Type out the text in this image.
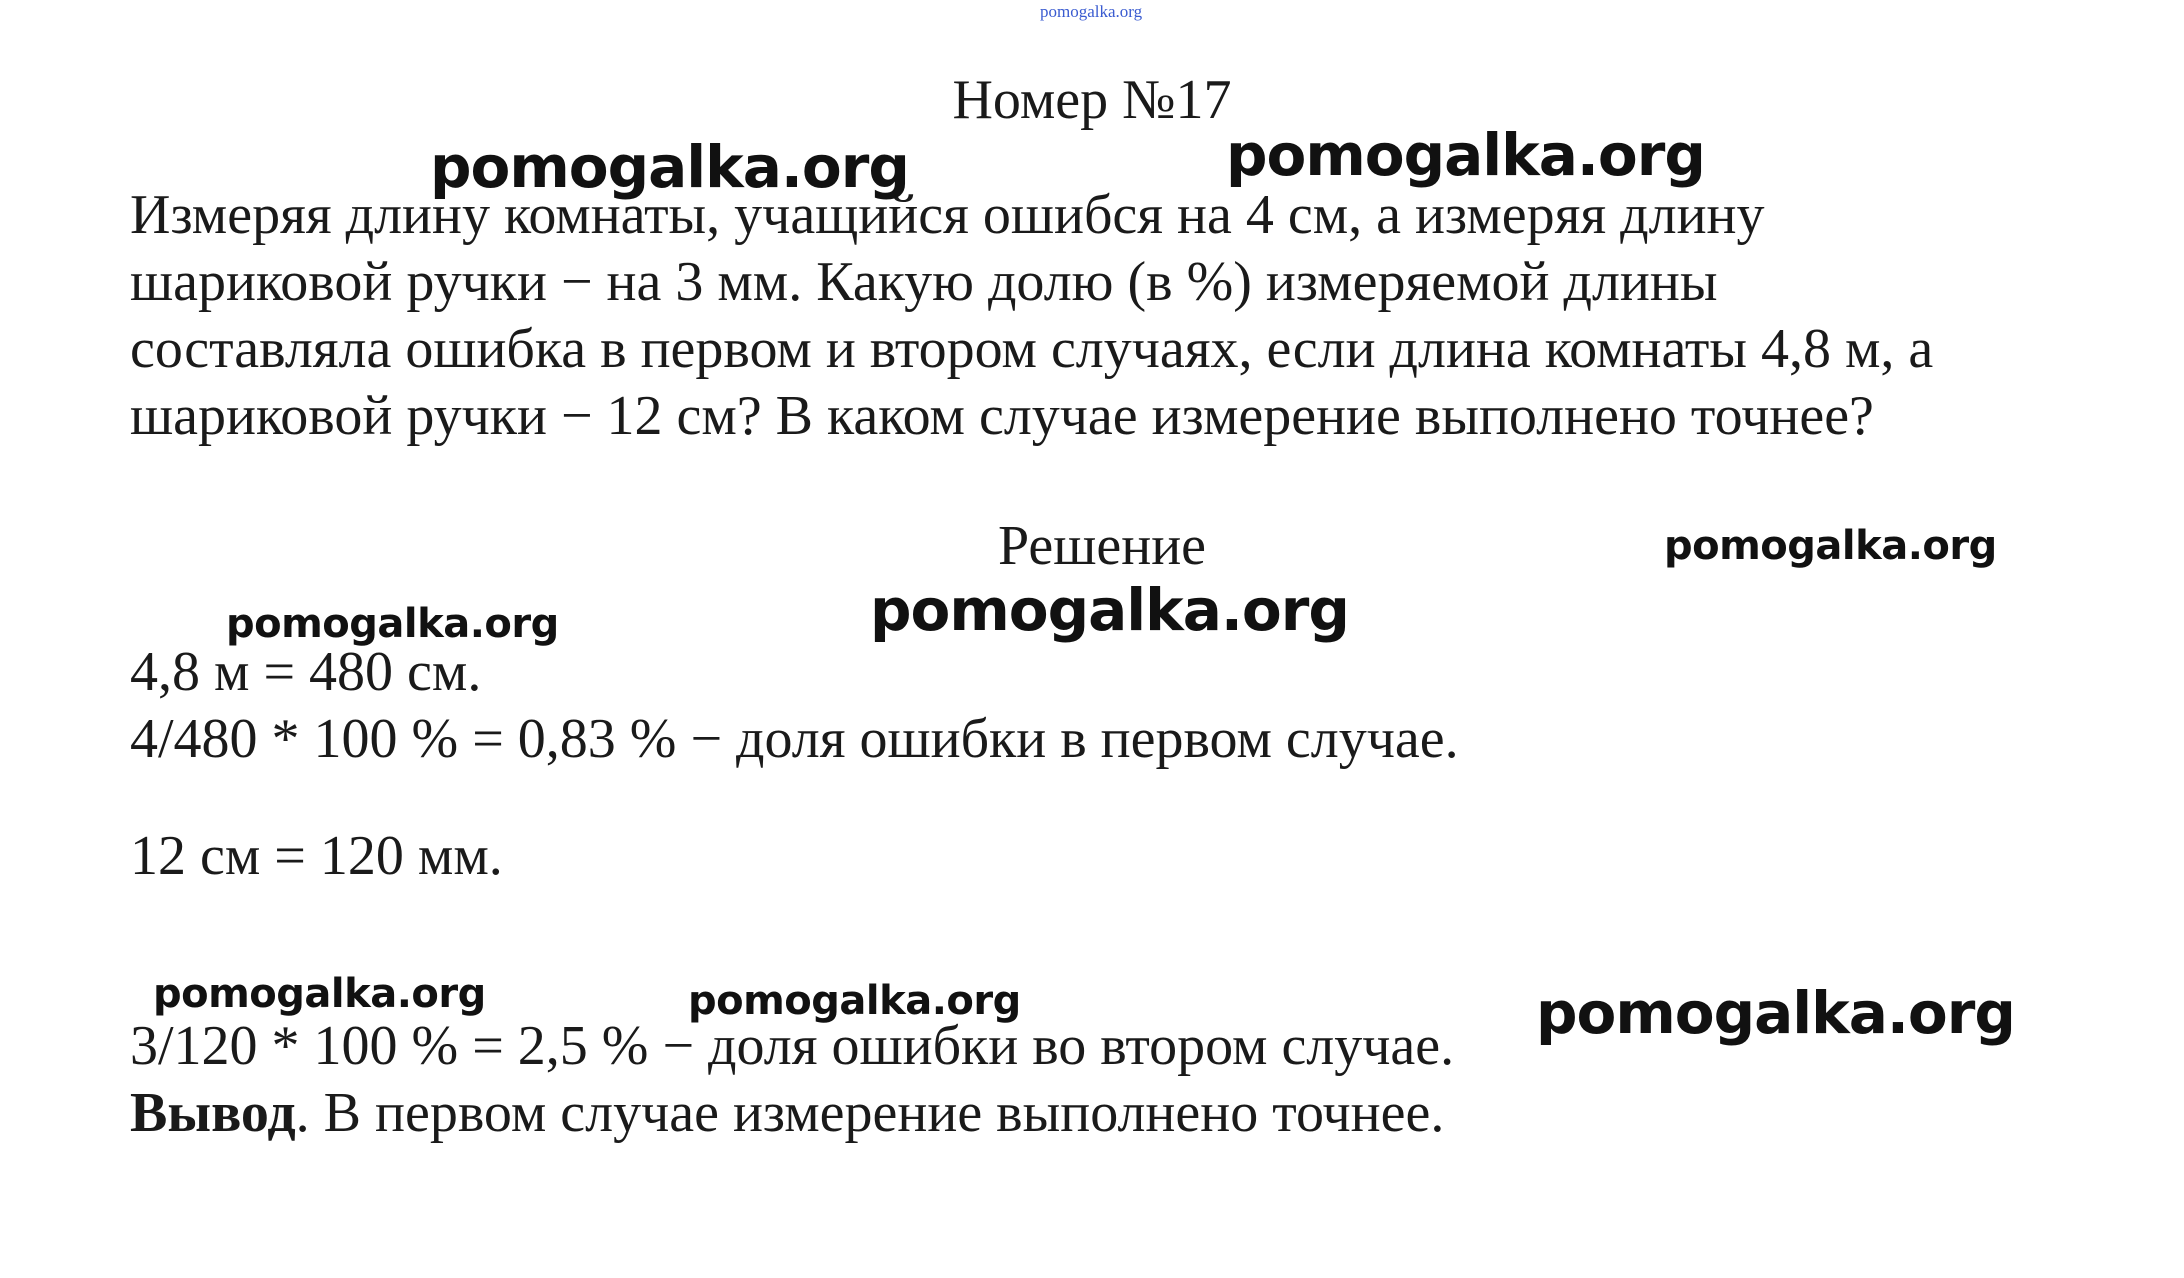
pomogalka.org

Номер №17

Измеряя длину комнаты, учащийся ошибся на 4 см, а измеряя длину
шариковой ручки − на 3 мм. Какую долю (в %) измеряемой длины
составляла ошибка в первом и втором случаях, если длина комнаты 4,8 м, а
шариковой ручки − 12 см? В каком случае измерение выполнено точнее?

Решение

4,8 м = 480 см.

4/480 * 100 % = 0,83 % − доля ошибки в первом случае.

12 см = 120 мм.

3/120 * 100 % = 2,5 % − доля ошибки во втором случае.

Вывод. В первом случае измерение выполнено точнее.

pomogalka.org	pomogalka.org

pomogalka.org

pomogalka.org	pomogalka.org

pomogalka.org	pomogalka.org	pomogalka.org
